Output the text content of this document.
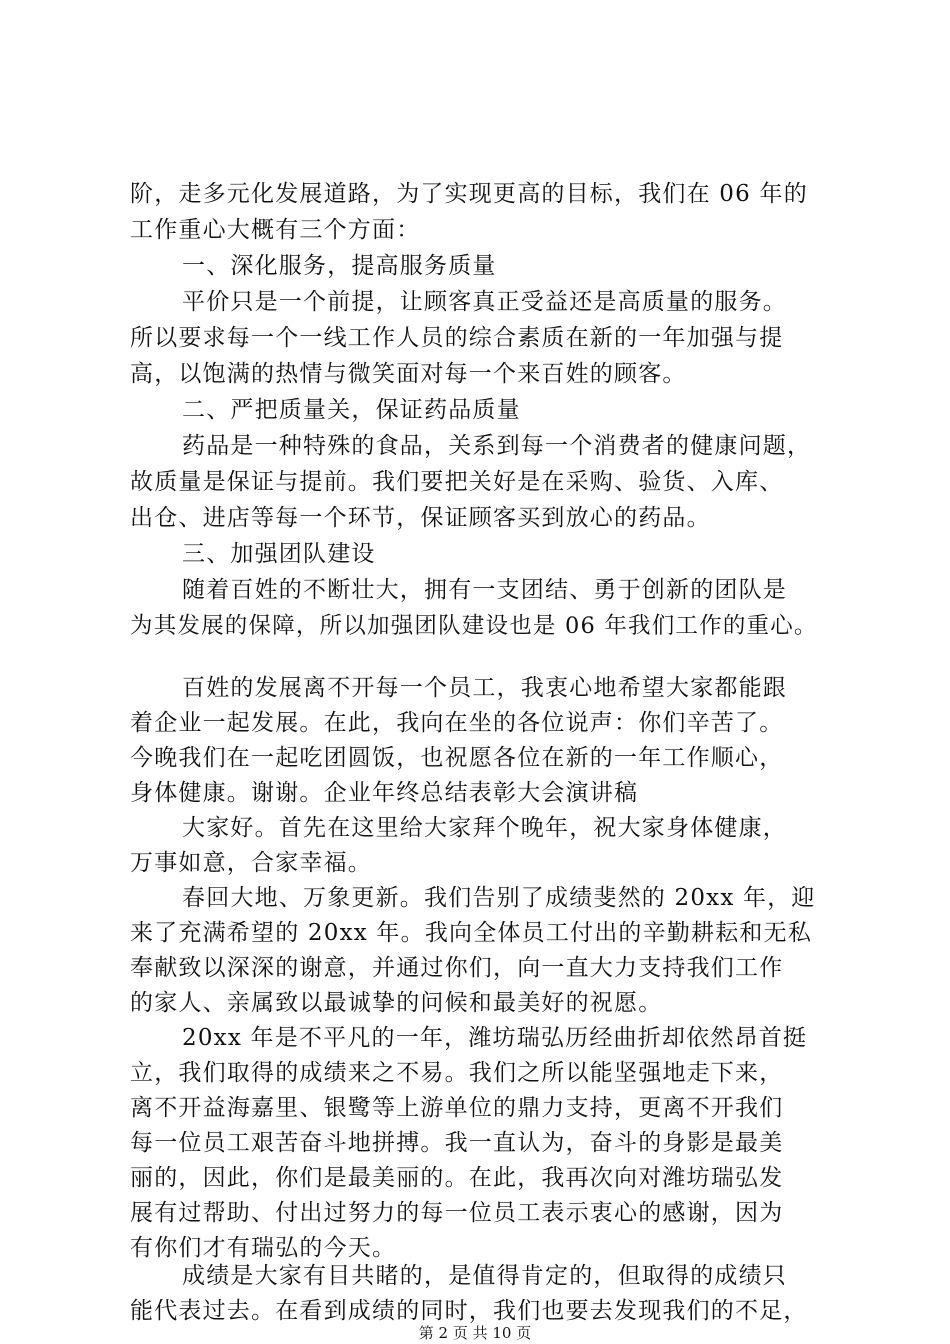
阶，走多元化发展道路，为了实现更高的目标，我们在 06 年的
工作重心大概有三个方面：
一、深化服务，提高服务质量
平价只是一个前提，让顾客真正受益还是高质量的服务。
所以要求每一个一线工作人员的综合素质在新的一年加强与提
高，以饱满的热情与微笑面对每一个来百姓的顾客。
二、严把质量关，保证药品质量
药品是一种特殊的食品，关系到每一个消费者的健康问题，
故质量是保证与提前。我们要把关好是在采购、验货、入库、
出仓、进店等每一个环节，保证顾客买到放心的药品。
三、加强团队建设
随着百姓的不断壮大，拥有一支团结、勇于创新的团队是
为其发展的保障，所以加强团队建设也是 06 年我们工作的重心。
百姓的发展离不开每一个员工，我衷心地希望大家都能跟
着企业一起发展。在此，我向在坐的各位说声：你们辛苦了。
今晚我们在一起吃团圆饭，也祝愿各位在新的一年工作顺心，
身体健康。谢谢。企业年终总结表彰大会演讲稿
大家好。首先在这里给大家拜个晚年，祝大家身体健康，
万事如意，合家幸福。
春回大地、万象更新。我们告别了成绩斐然的 20xx 年，迎
来了充满希望的 20xx 年。我向全体员工付出的辛勤耕耘和无私
奉献致以深深的谢意，并通过你们，向一直大力支持我们工作
的家人、亲属致以最诚挚的问候和最美好的祝愿。
20xx 年是不平凡的一年，潍坊瑞弘历经曲折却依然昂首挺
立，我们取得的成绩来之不易。我们之所以能坚强地走下来，
离不开益海嘉里、银鹭等上游单位的鼎力支持，更离不开我们
每一位员工艰苦奋斗地拼搏。我一直认为，奋斗的身影是最美
丽的，因此，你们是最美丽的。在此，我再次向对潍坊瑞弘发
展有过帮助、付出过努力的每一位员工表示衷心的感谢，因为
有你们才有瑞弘的今天。
成绩是大家有目共睹的，是值得肯定的，但取得的成绩只
能代表过去。在看到成绩的同时，我们也要去发现我们的不足，
第 2 页 共 10 页
